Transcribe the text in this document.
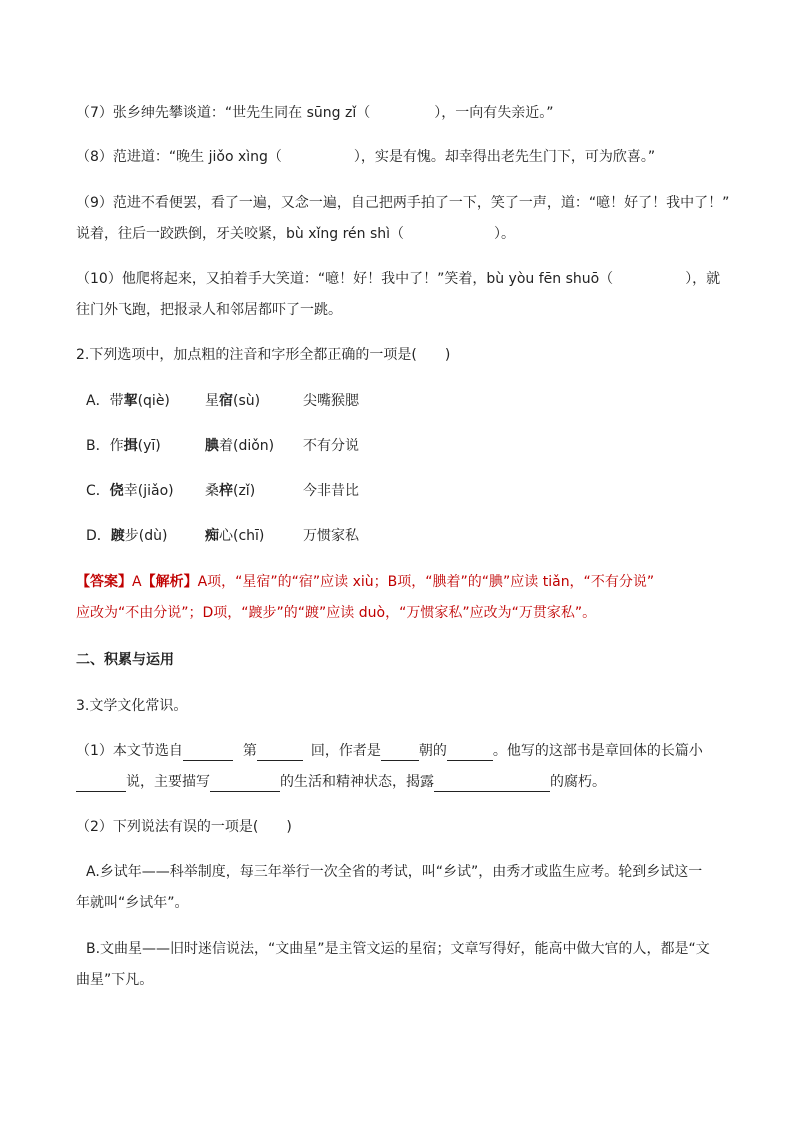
（7）张乡绅先攀谈道：“世先生同在 sūng zǐ（	），一向有失亲近。”
（8）范进道：“晚生 jiǒo xìng（	），实是有愧。却幸得出老先生门下，可为欣喜。”
（9）范进不看便罢，看了一遍，又念一遍，自己把两手拍了一下，笑了一声，道：“噫！好了！我中了！”
说着，往后一跤跌倒，牙关咬紧，bù xǐng rén shì（	）。
（10）他爬将起来，又拍着手大笑道：“噫！好！我中了！”笑着，bù yòu fēn shuō（	），就
往门外飞跑，把报录人和邻居都吓了一跳。
2.下列选项中，加点粗的注音和字形全都正确的一项是(　　)
A．带挈(qiè)	星宿(sù)	尖嘴猴腮
B．作揖(yī)	腆着(diǒn) 不有分说
C．侥幸(jiǎo) 桑梓(zǐ)	今非昔比
D．踱步(dù)	痴心(chī)	万惯家私
【答案】A【解析】A项，“星宿”的“宿”应读 xiù；B项，“腆着”的“腆”应读 tiǎn，“不有分说”
应改为“不由分说”；D项，“踱步”的“踱”应读 duò，“万惯家私”应改为“万贯家私”。
二、积累与运用
3.文学文化常识。
（1）本文节选自	第	回，作者是	朝的	。他写的这部书是章回体的长篇小
说，主要描写	的生活和精神状态，揭露	的腐朽。
（2）下列说法有误的一项是(　　)
A.乡试年——科举制度，每三年举行一次全省的考试，叫“乡试”，由秀才或监生应考。轮到乡试这一
年就叫“乡试年”。
B.文曲星——旧时迷信说法，“文曲星”是主管文运的星宿；文章写得好，能高中做大官的人，都是“文
曲星”下凡。
